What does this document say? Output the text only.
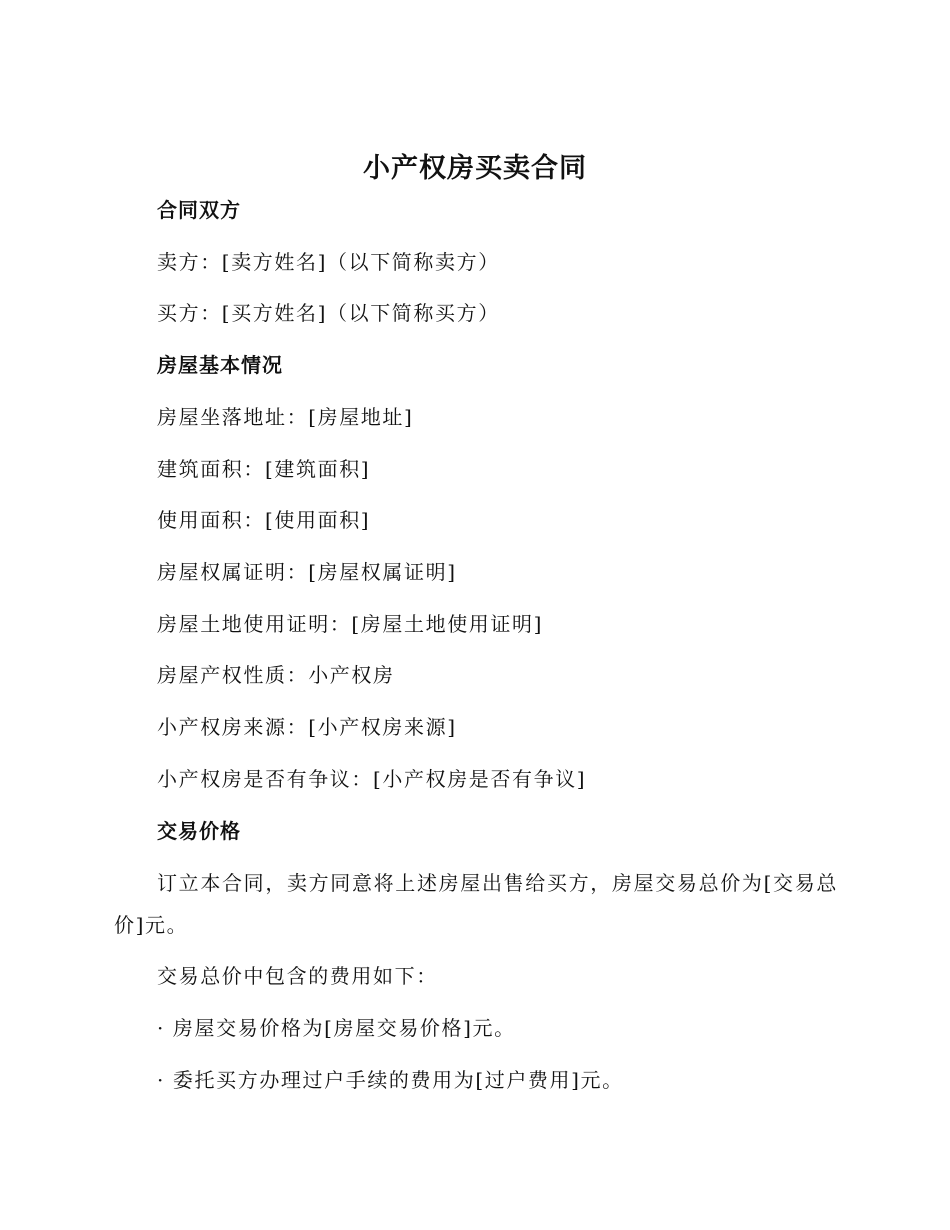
小产权房买卖合同
合同双方
卖方：[卖方姓名]（以下简称卖方）
买方：[买方姓名]（以下简称买方）
房屋基本情况
房屋坐落地址：[房屋地址]
建筑面积：[建筑面积]
使用面积：[使用面积]
房屋权属证明：[房屋权属证明]
房屋土地使用证明：[房屋土地使用证明]
房屋产权性质：小产权房
小产权房来源：[小产权房来源]
小产权房是否有争议：[小产权房是否有争议]
交易价格
订立本合同，卖方同意将上述房屋出售给买方，房屋交易总价为[交易总价]元。
交易总价中包含的费用如下：
· 房屋交易价格为[房屋交易价格]元。
· 委托买方办理过户手续的费用为[过户费用]元。
